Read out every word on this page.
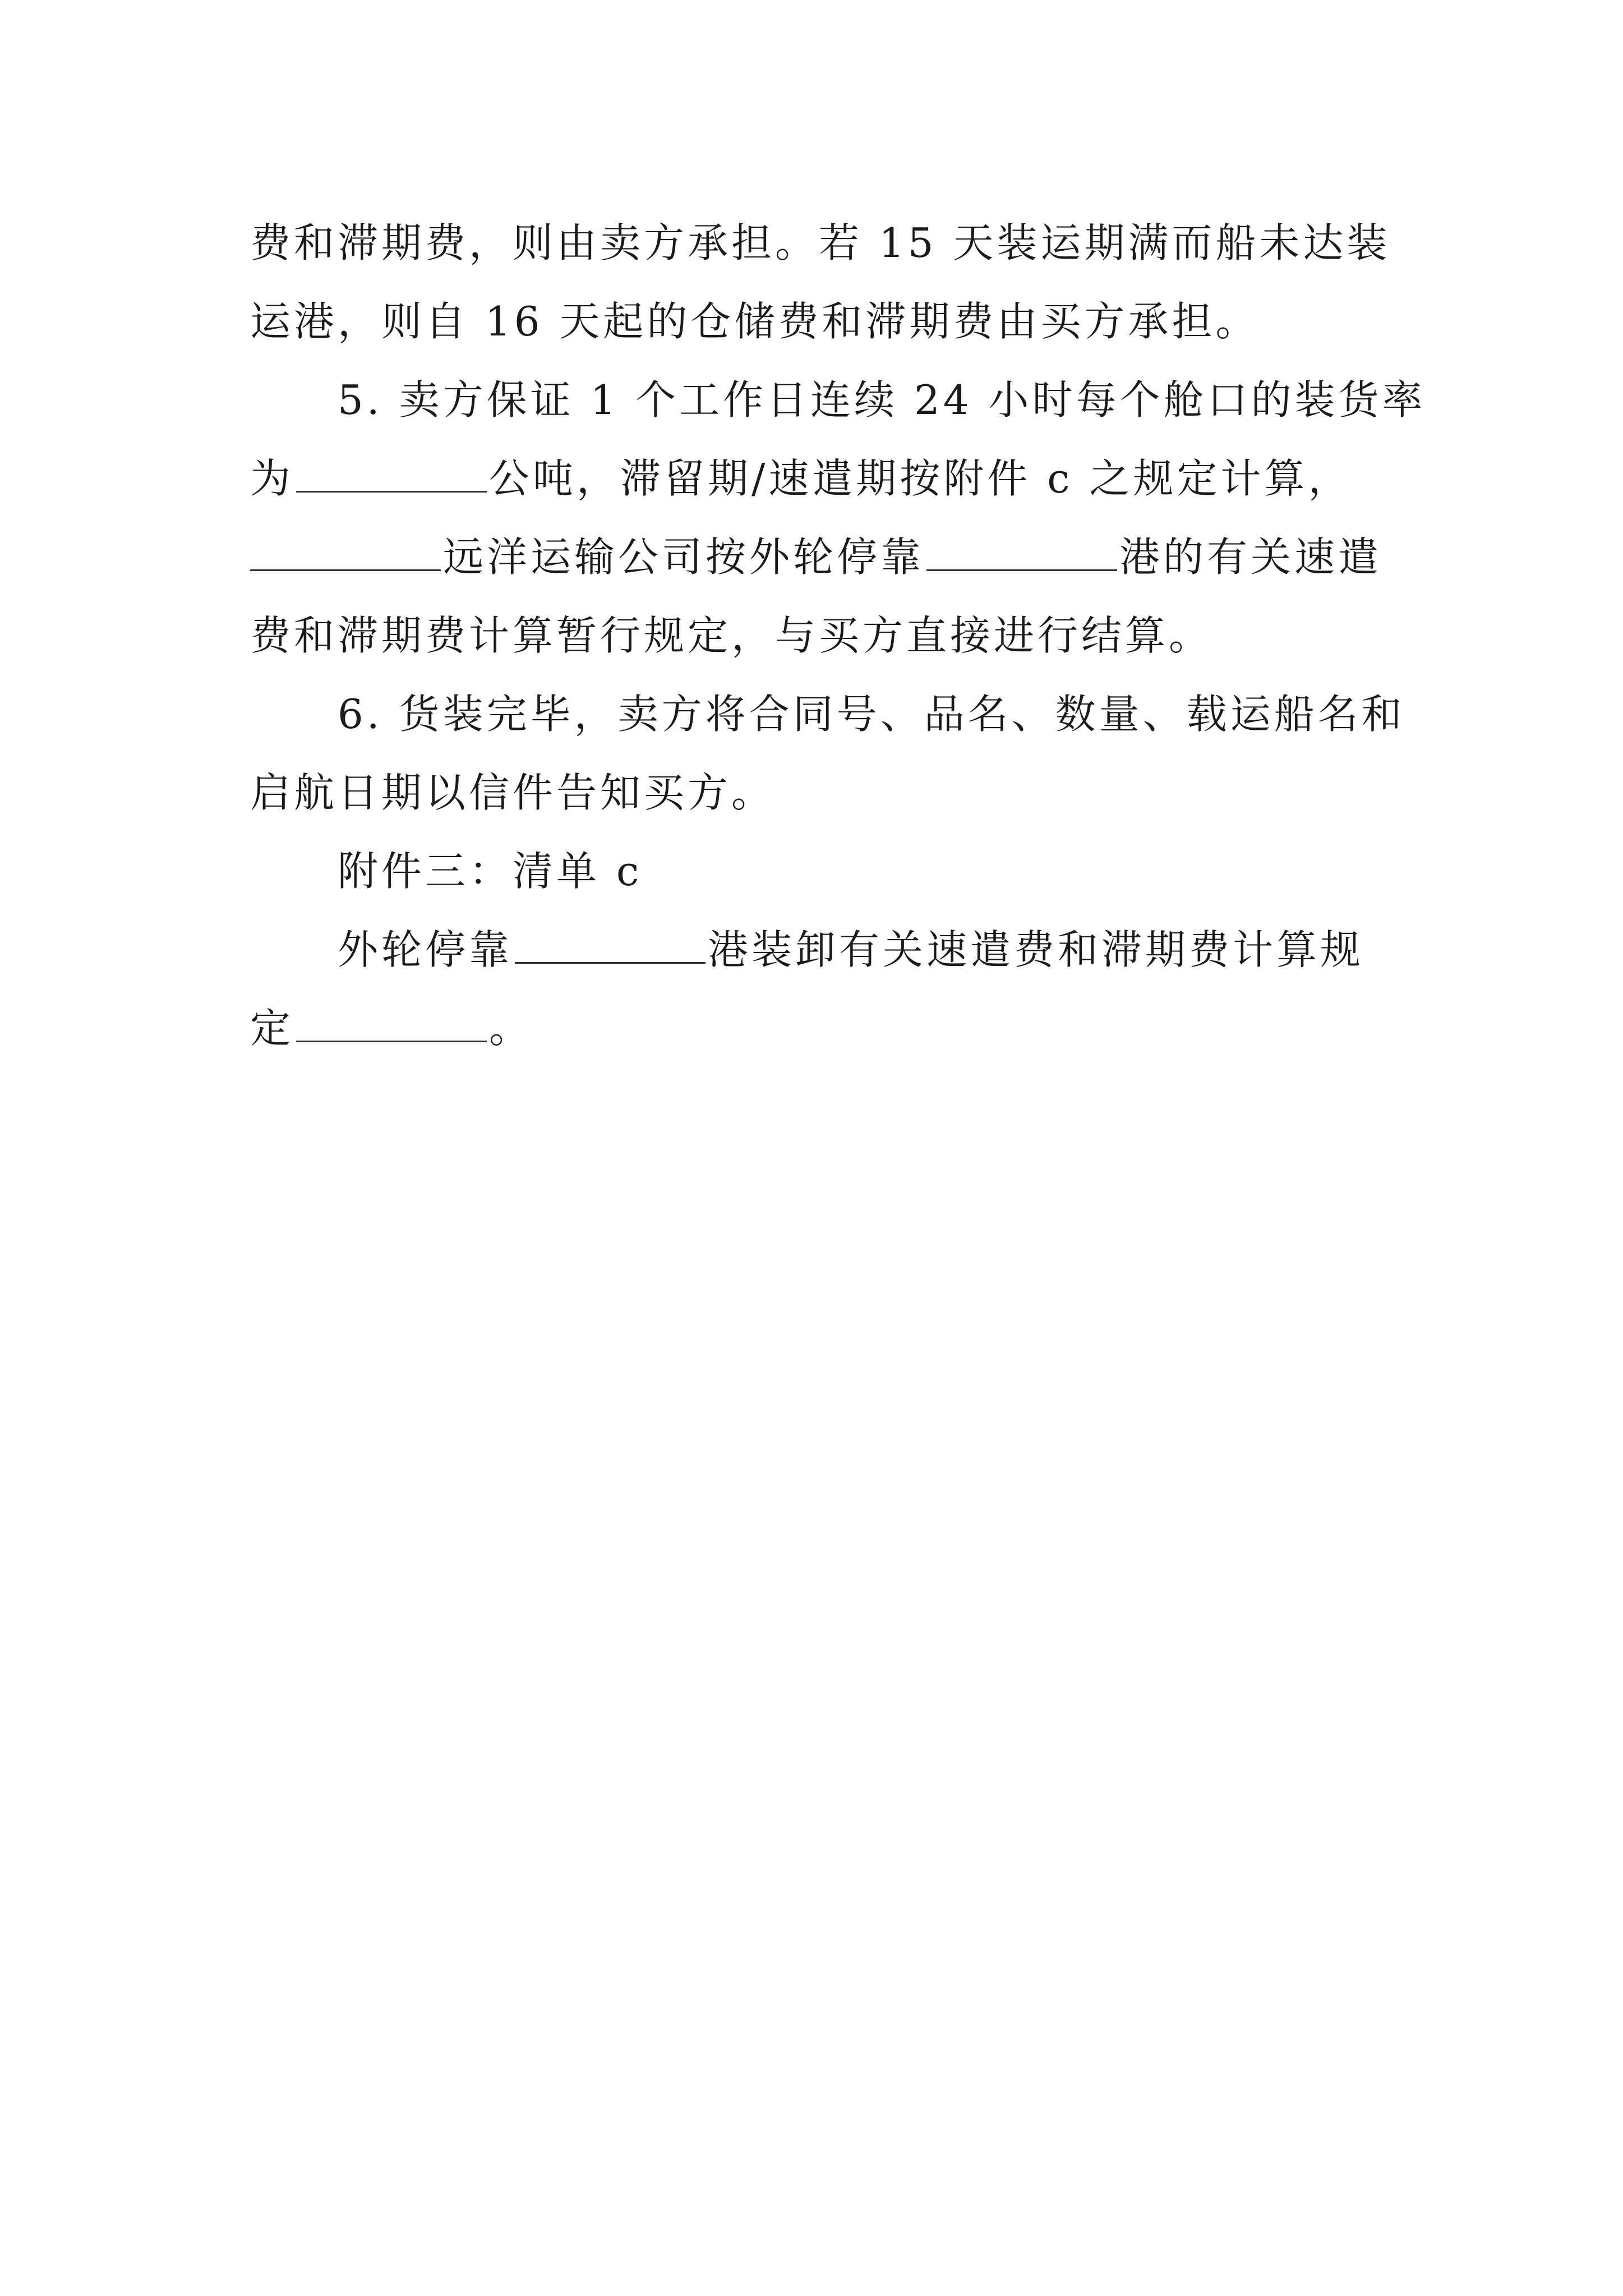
费和滞期费，则由卖方承担。若 15 天装运期满而船未达装
运港，则自 16 天起的仓储费和滞期费由买方承担。
5. 卖方保证 1 个工作日连续 24 小时每个舱口的装货率
为	公吨，滞留期/速遣期按附件 c 之规定计算，
远洋运输公司按外轮停靠	港的有关速遣
费和滞期费计算暂行规定，与买方直接进行结算。
6. 货装完毕，卖方将合同号、品名、数量、载运船名和
启航日期以信件告知买方。
附件三：清单 c
外轮停靠	港装卸有关速遣费和滞期费计算规
定	。
